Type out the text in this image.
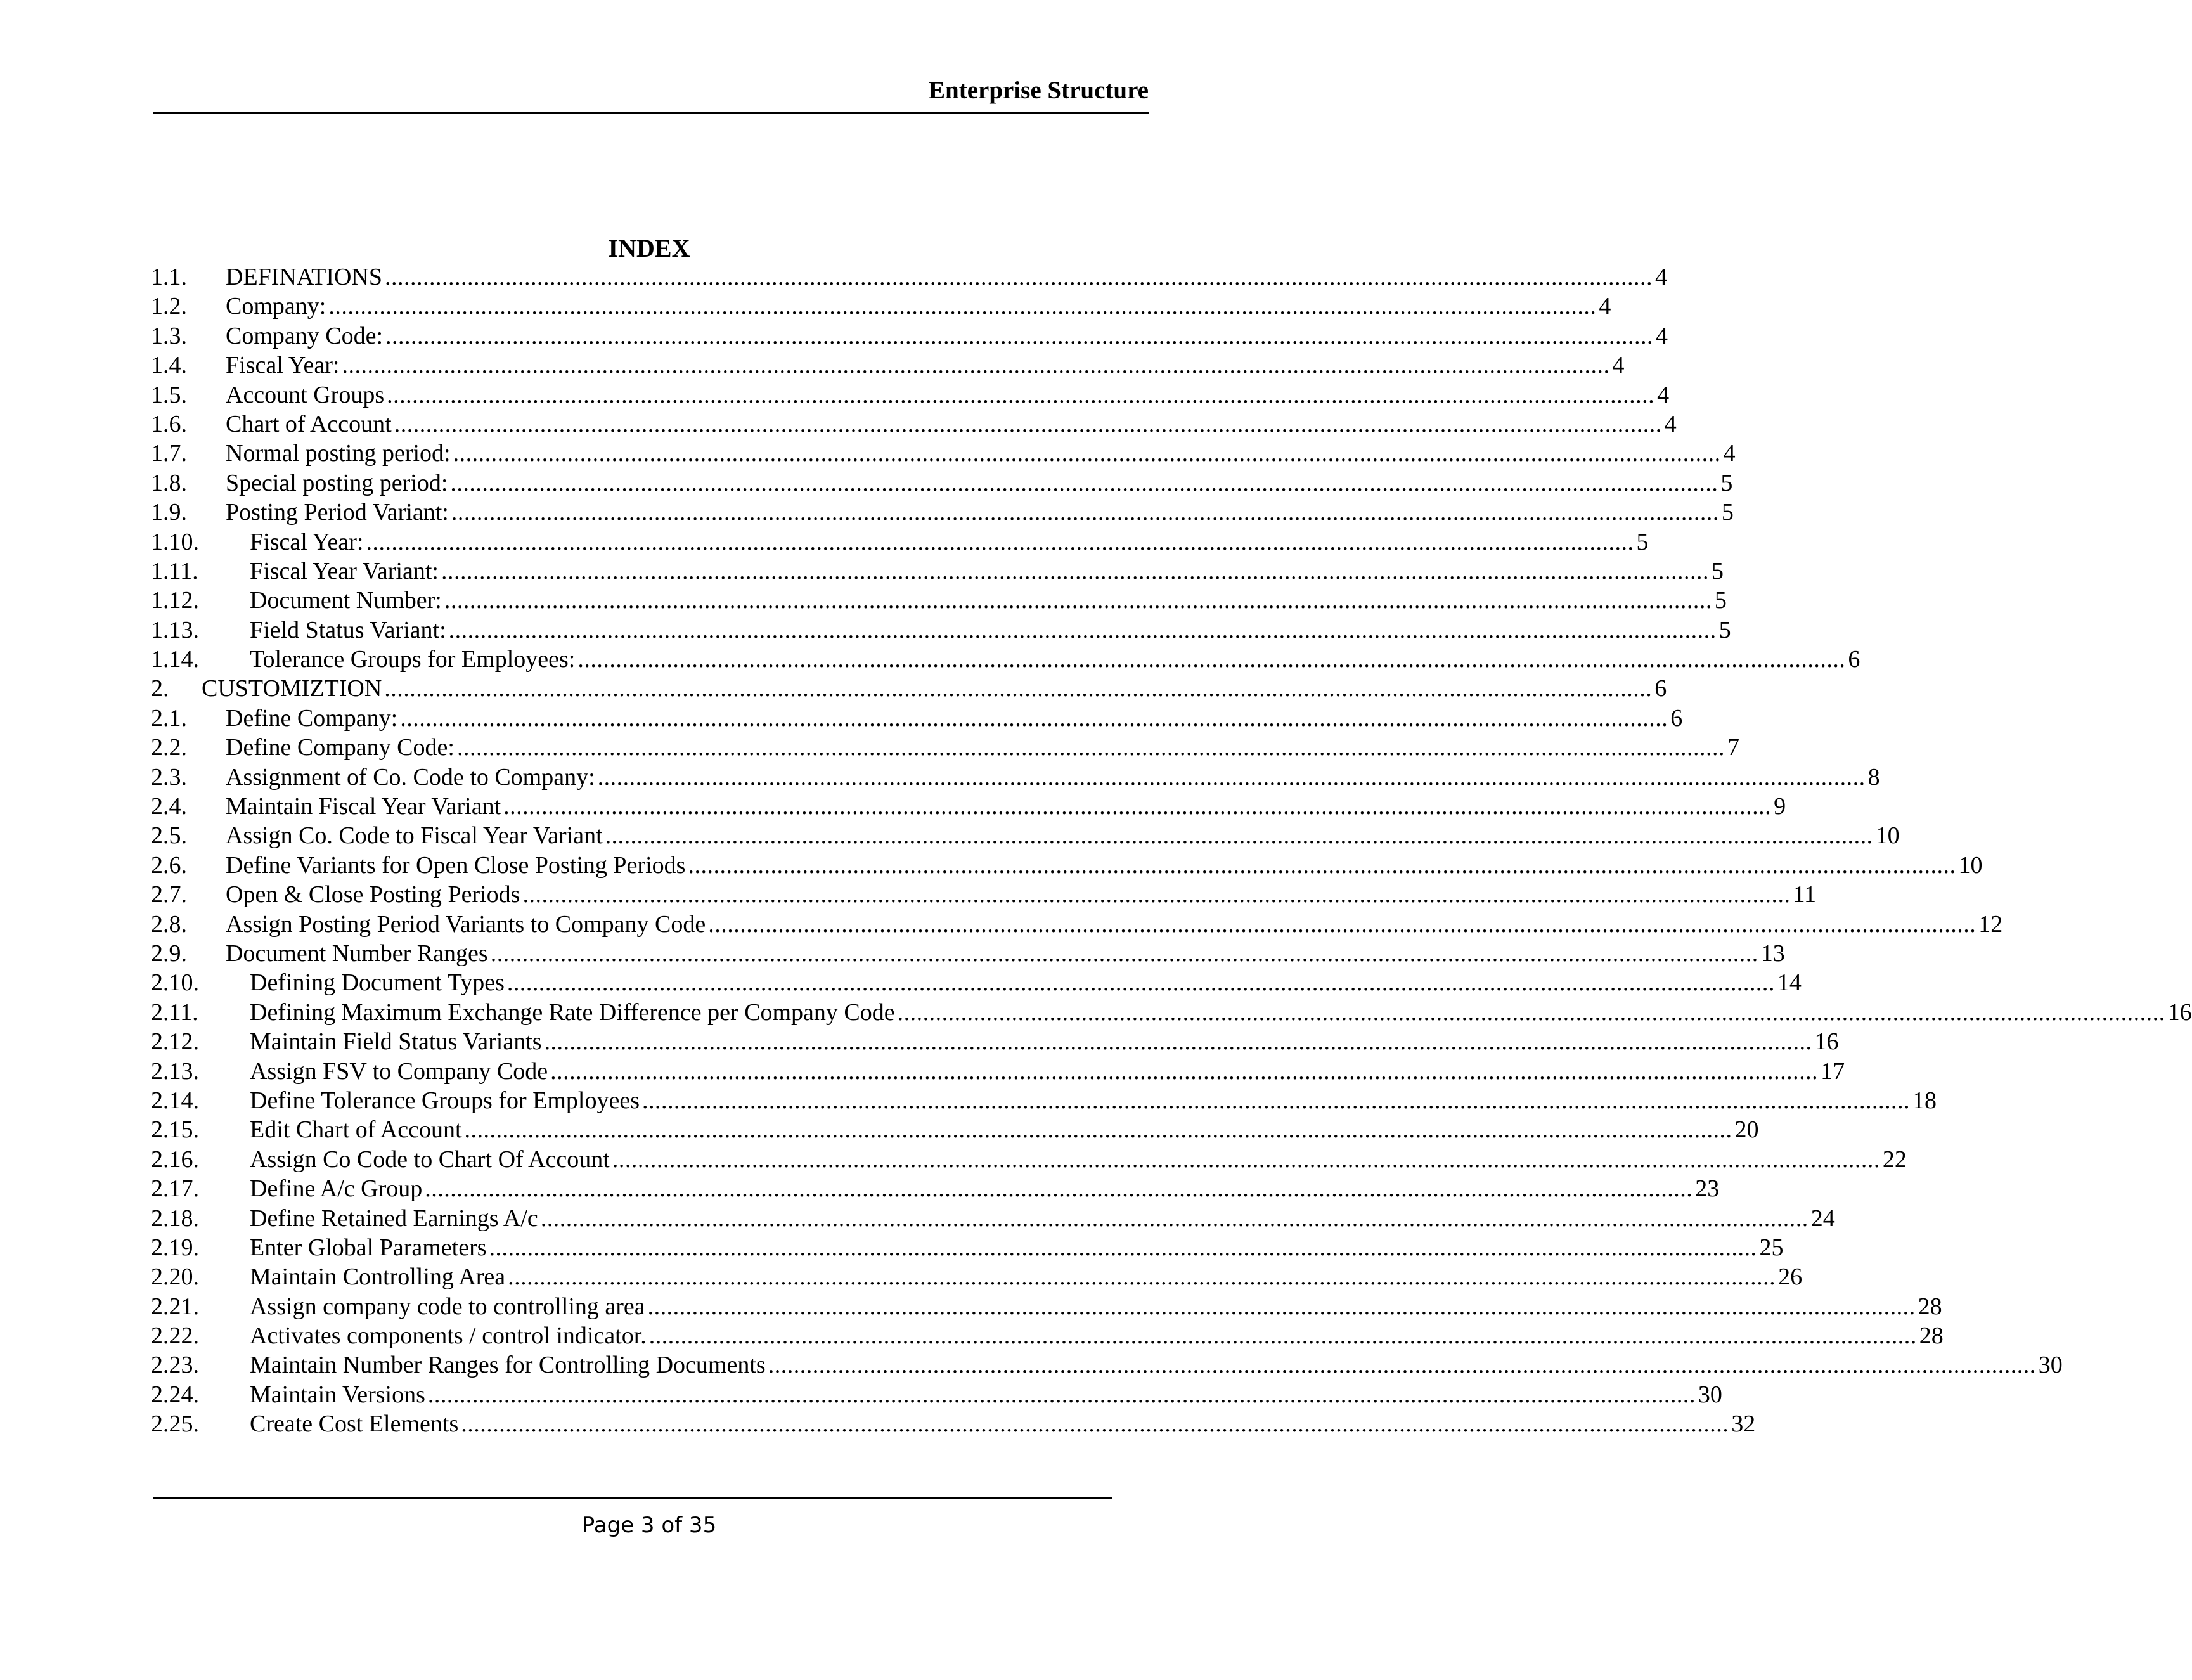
Enterprise Structure
INDEX
1.1. DEFINATIONS ........................................................................................................................................................................................................ 4
1.2. Company: ........................................................................................................................................................................................................ 4
1.3. Company Code: ........................................................................................................................................................................................................ 4
1.4. Fiscal Year: ........................................................................................................................................................................................................ 4
1.5. Account Groups ........................................................................................................................................................................................................ 4
1.6. Chart of Account ........................................................................................................................................................................................................ 4
1.7. Normal posting period: ........................................................................................................................................................................................................ 4
1.8. Special posting period: ........................................................................................................................................................................................................ 5
1.9. Posting Period Variant: ........................................................................................................................................................................................................ 5
1.10. Fiscal Year: ........................................................................................................................................................................................................ 5
1.11. Fiscal Year Variant: ........................................................................................................................................................................................................ 5
1.12. Document Number: ........................................................................................................................................................................................................ 5
1.13. Field Status Variant: ........................................................................................................................................................................................................ 5
1.14. Tolerance Groups for Employees: ........................................................................................................................................................................................................ 6
2. CUSTOMIZTION ........................................................................................................................................................................................................ 6
2.1. Define Company: ........................................................................................................................................................................................................ 6
2.2. Define Company Code: ........................................................................................................................................................................................................ 7
2.3. Assignment of Co. Code to Company: ........................................................................................................................................................................................................ 8
2.4. Maintain Fiscal Year Variant ........................................................................................................................................................................................................ 9
2.5. Assign Co. Code to Fiscal Year Variant ........................................................................................................................................................................................................ 10
2.6. Define Variants for Open Close Posting Periods ........................................................................................................................................................................................................ 10
2.7. Open & Close Posting Periods ........................................................................................................................................................................................................ 11
2.8. Assign Posting Period Variants to Company Code ........................................................................................................................................................................................................ 12
2.9. Document Number Ranges ........................................................................................................................................................................................................ 13
2.10. Defining Document Types ........................................................................................................................................................................................................ 14
2.11. Defining Maximum Exchange Rate Difference per Company Code ........................................................................................................................................................................................................ 16
2.12. Maintain Field Status Variants ........................................................................................................................................................................................................ 16
2.13. Assign FSV to Company Code ........................................................................................................................................................................................................ 17
2.14. Define Tolerance Groups for Employees ........................................................................................................................................................................................................ 18
2.15. Edit Chart of Account ........................................................................................................................................................................................................ 20
2.16. Assign Co Code to Chart Of Account ........................................................................................................................................................................................................ 22
2.17. Define A/c Group ........................................................................................................................................................................................................ 23
2.18. Define Retained Earnings A/c ........................................................................................................................................................................................................ 24
2.19. Enter Global Parameters ........................................................................................................................................................................................................ 25
2.20. Maintain Controlling Area ........................................................................................................................................................................................................ 26
2.21. Assign company code to controlling area ........................................................................................................................................................................................................ 28
2.22. Activates components / control indicator. ........................................................................................................................................................................................................ 28
2.23. Maintain Number Ranges for Controlling Documents ........................................................................................................................................................................................................ 30
2.24. Maintain Versions ........................................................................................................................................................................................................ 30
2.25. Create Cost Elements ........................................................................................................................................................................................................ 32
Page 3 of 35
